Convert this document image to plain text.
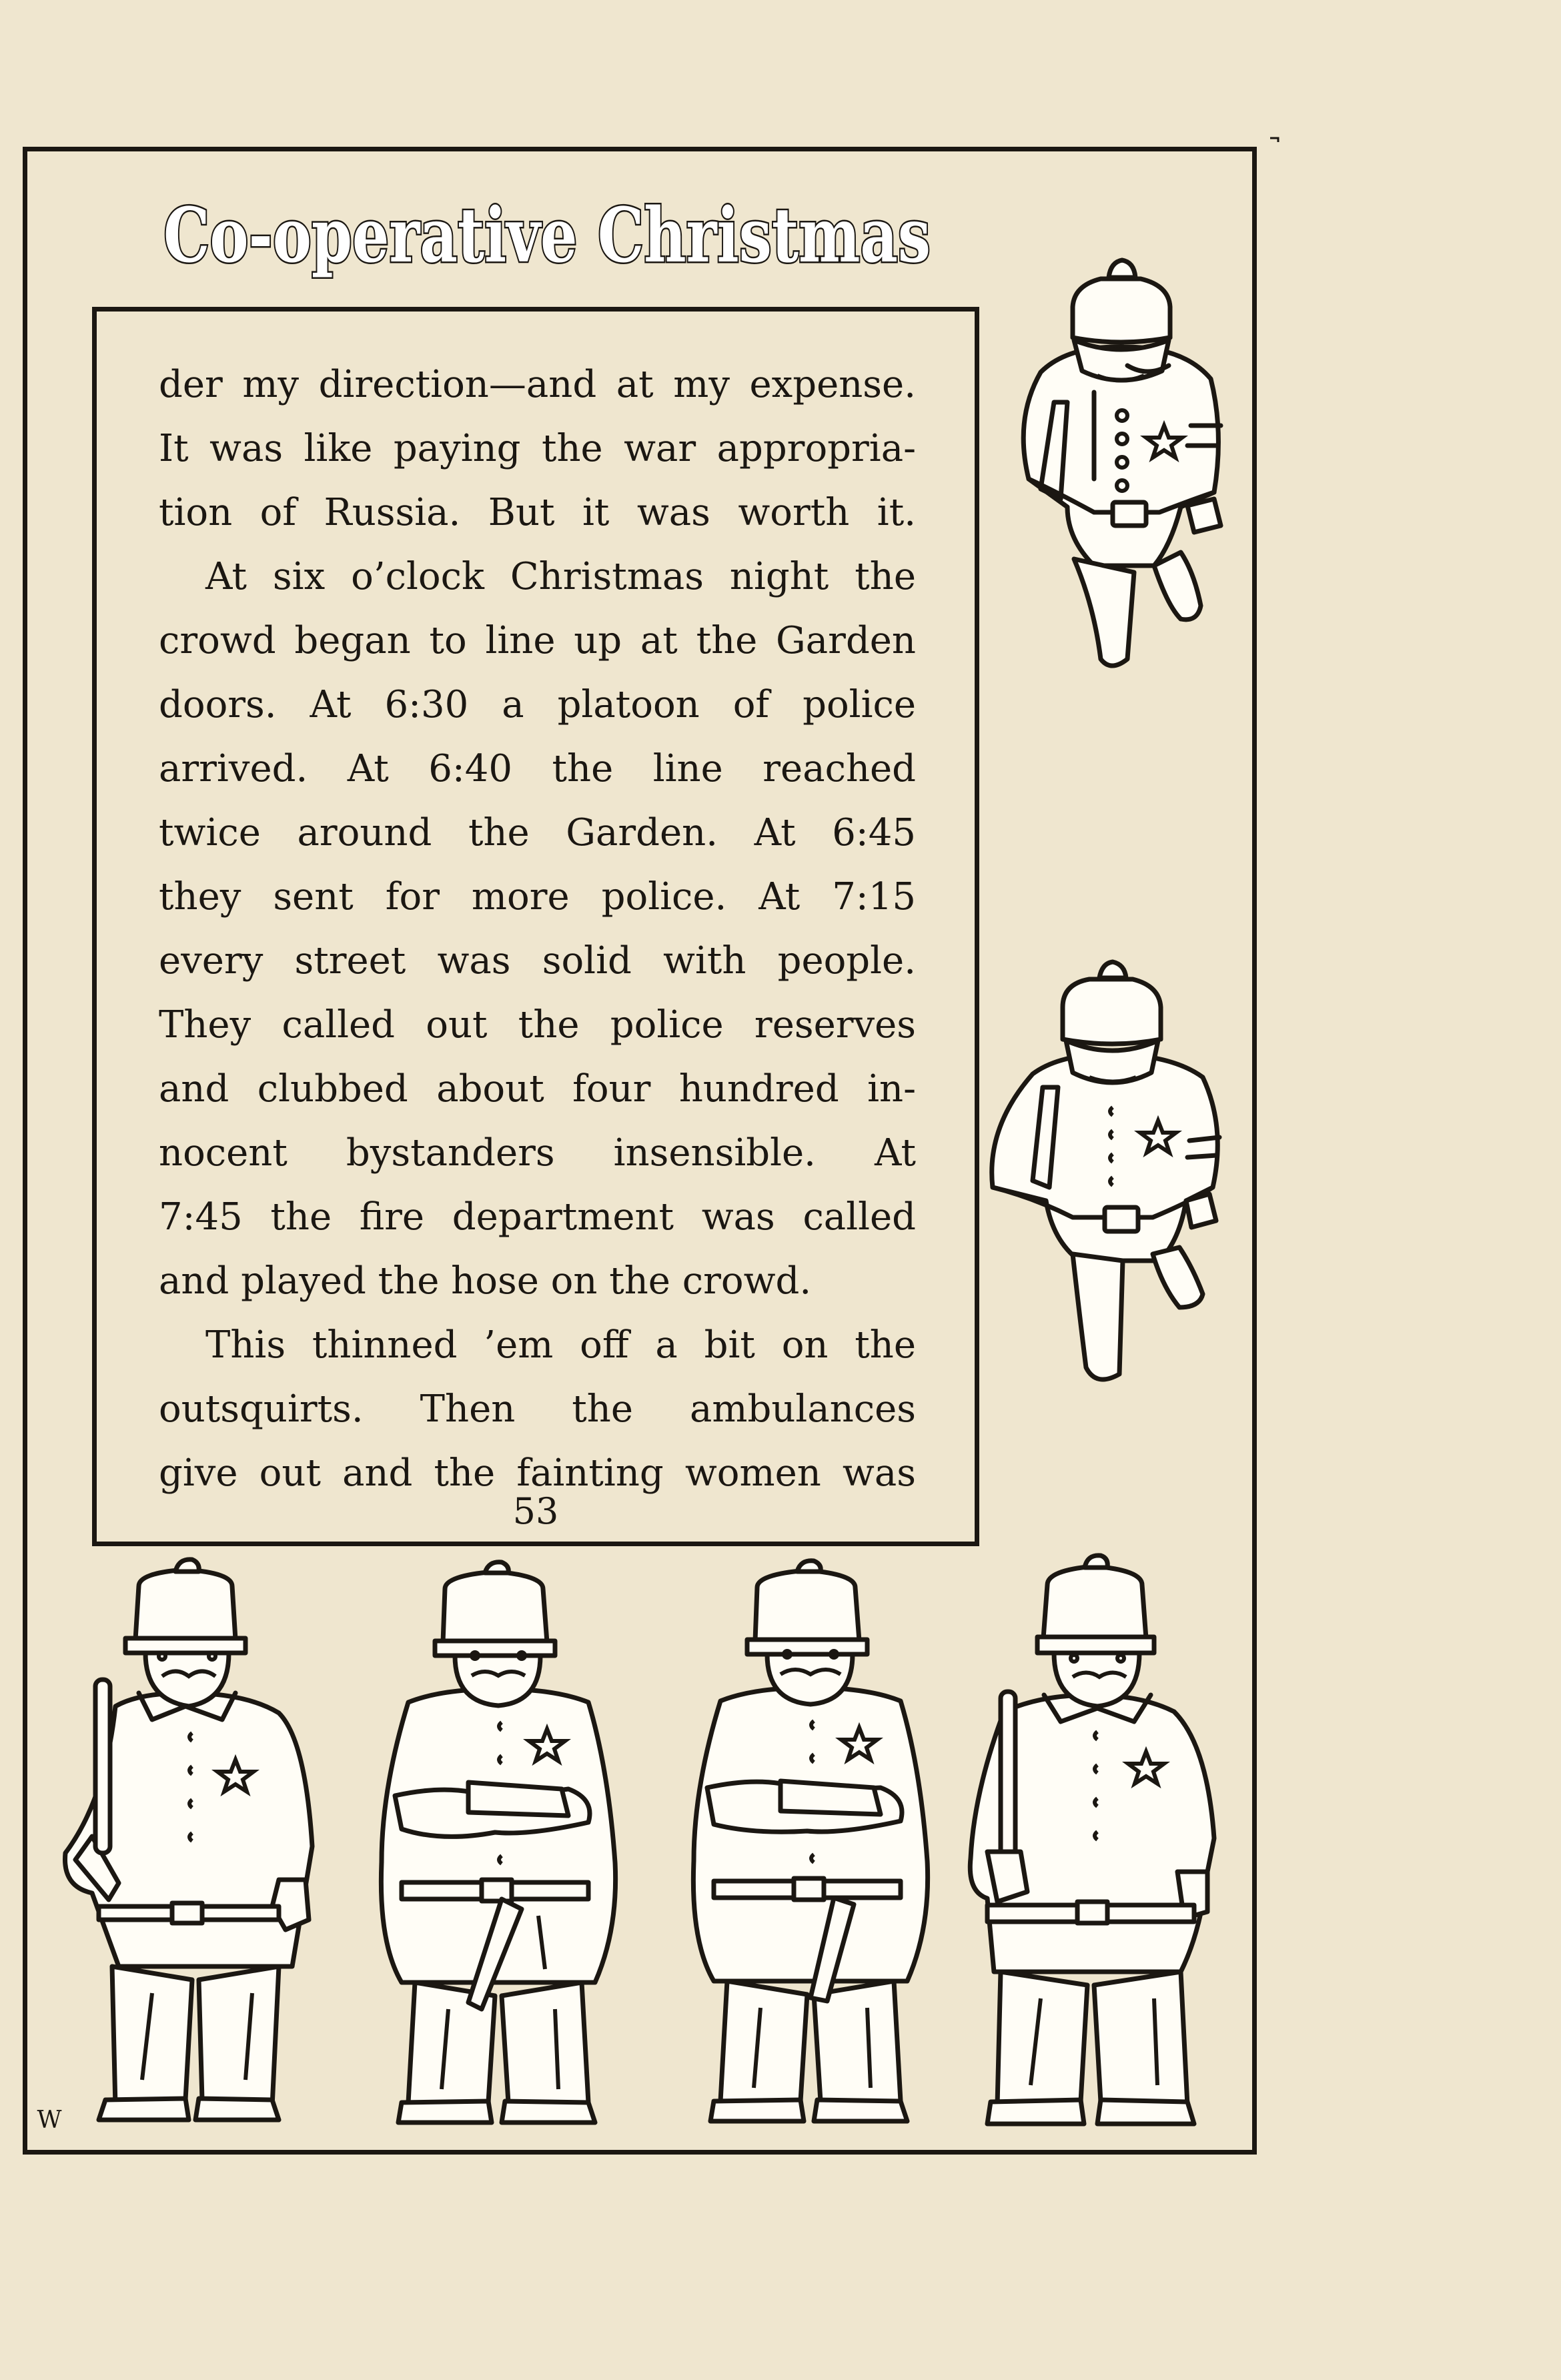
Co-operative Christmas
der my direction—and at my expense.
It was like paying the war appropria-
tion of Russia. But it was worth it.
At six o’clock Christmas night the
crowd began to line up at the Garden
doors. At 6:30 a platoon of police
arrived. At 6:40 the line reached
twice around the Garden. At 6:45
they sent for more police. At 7:15
every street was solid with people.
They called out the police reserves
and clubbed about four hundred in-
nocent bystanders insensible. At
7:45 the fire department was called
and played the hose on the crowd.
This thinned ’em off a bit on the
outsquirts. Then the ambulances
give out and the fainting women was
53
W
